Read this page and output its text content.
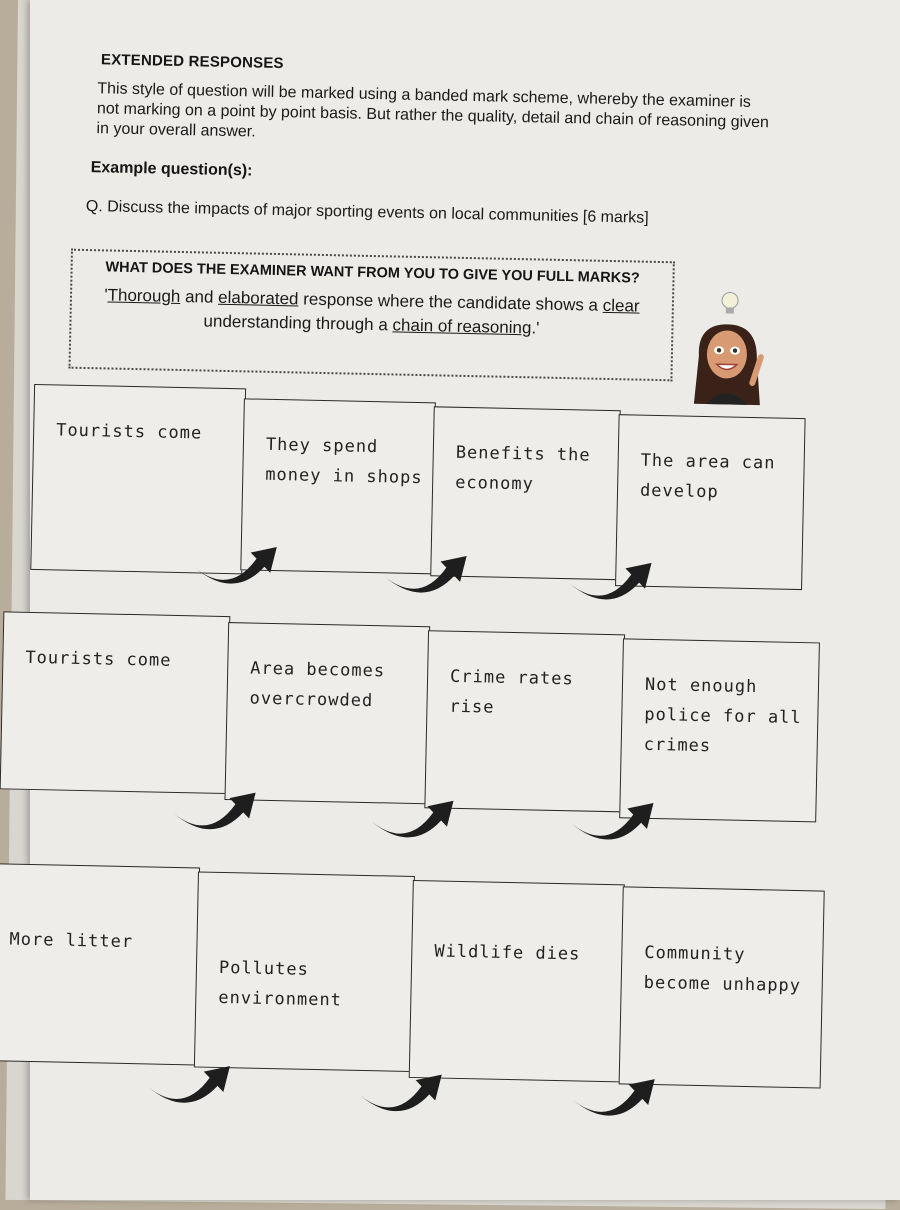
EXTENDED RESPONSES
This style of question will be marked using a banded mark scheme, whereby the examiner is not marking on a point by point basis. But rather the quality, detail and chain of reasoning given in your overall answer.
Example question(s):
Q. Discuss the impacts of major sporting events on local communities [6 marks]
WHAT DOES THE EXAMINER WANT FROM YOU TO GIVE YOU FULL MARKS?
'Thorough and elaborated response where the candidate shows a clear understanding through a chain of reasoning.'
Tourists come
They spend money in shops
Benefits the economy
The area can develop
Tourists come	Area becomes overcrowded
Crime rates rise
Not enough police for all crimes
More litter
Pollutes environment
Wildlife dies	Community become unhappy
